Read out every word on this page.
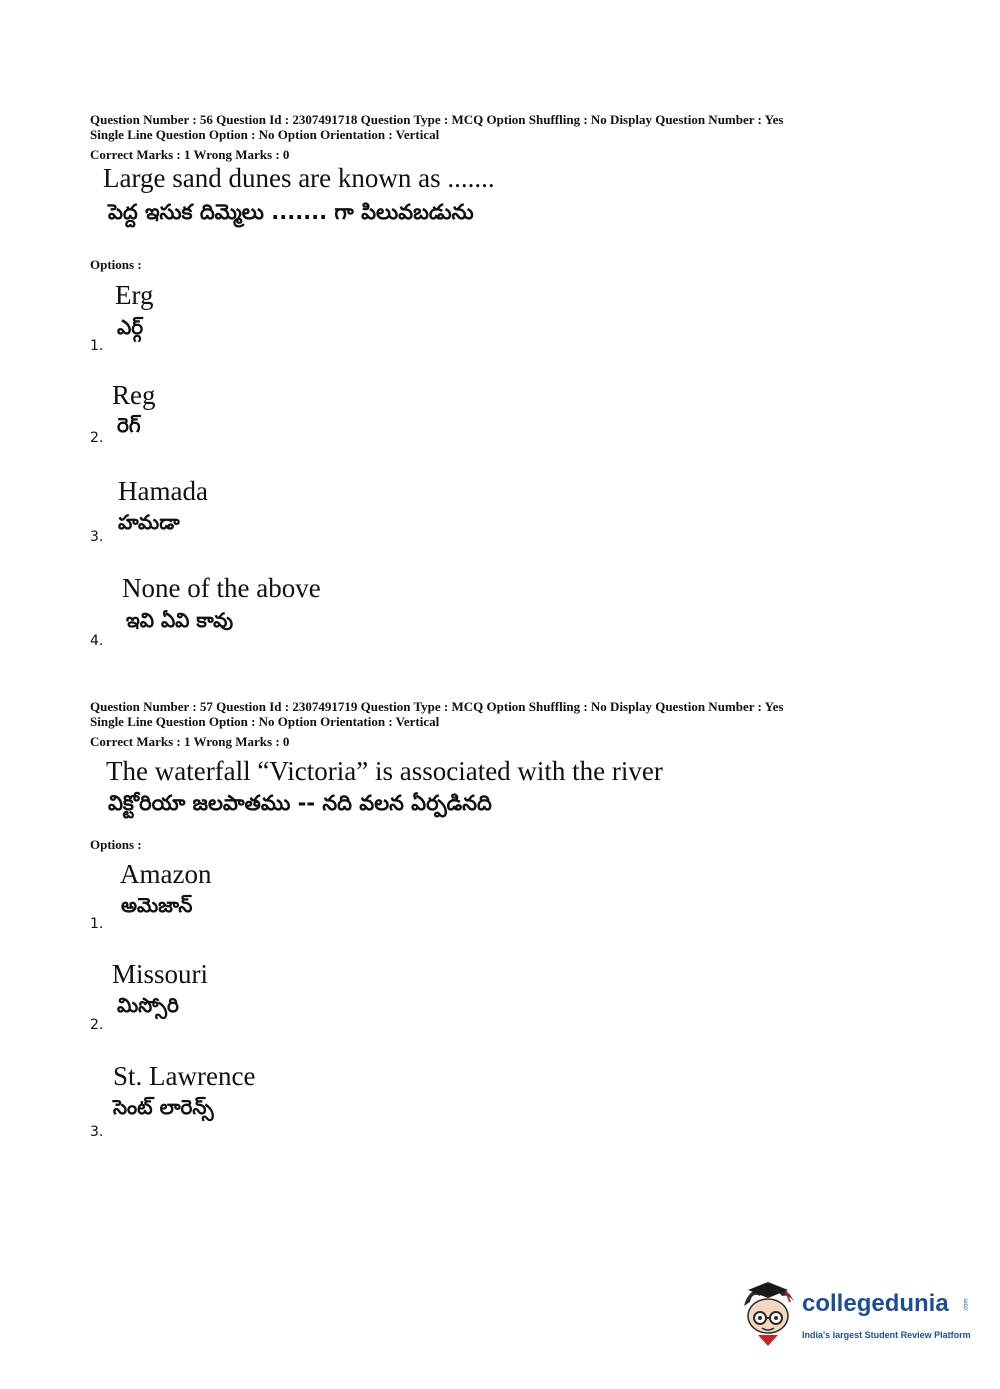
Question Number : 56 Question Id : 2307491718 Question Type : MCQ Option Shuffling : No Display Question Number : Yes
Single Line Question Option : No Option Orientation : Vertical
Correct Marks : 1 Wrong Marks : 0
Large sand dunes are known as .......
పెద్ద ఇసుక దిమ్మెలు ....... గా పిలువబడును
Options :
Erg
ఎర్గ్
1.
Reg
రెగ్
2.
Hamada
హమడా
3.
None of the above
ఇవి ఏవి కావు
4.
Question Number : 57 Question Id : 2307491719 Question Type : MCQ Option Shuffling : No Display Question Number : Yes
Single Line Question Option : No Option Orientation : Vertical
Correct Marks : 1 Wrong Marks : 0
The waterfall “Victoria” is associated with the river
విక్టోరియా జలపాతము -- నది వలన ఏర్పడినది
Options :
Amazon
అమెజాన్
1.
Missouri
మిస్సోరి
2.
St. Lawrence
సెంట్ లారెన్స్
3.
collegedunia .com
India's largest Student Review Platform
